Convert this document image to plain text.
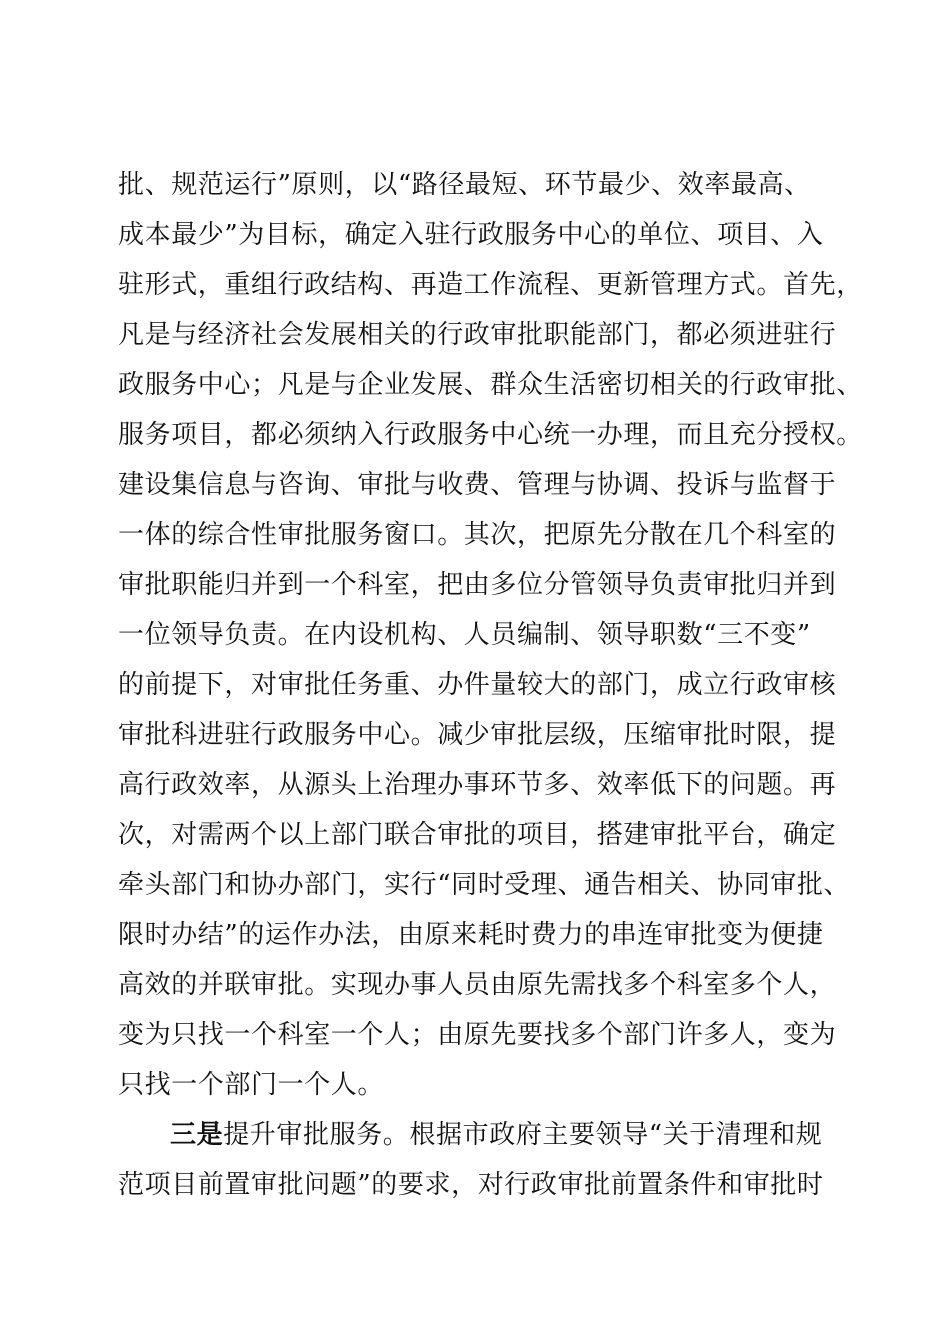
批、规范运行”原则，以“路径最短、环节最少、效率最高、
成本最少”为目标，确定入驻行政服务中心的单位、项目、入
驻形式，重组行政结构、再造工作流程、更新管理方式。首先，
凡是与经济社会发展相关的行政审批职能部门，都必须进驻行
政服务中心；凡是与企业发展、群众生活密切相关的行政审批、
服务项目，都必须纳入行政服务中心统一办理，而且充分授权。
建设集信息与咨询、审批与收费、管理与协调、投诉与监督于
一体的综合性审批服务窗口。其次，把原先分散在几个科室的
审批职能归并到一个科室，把由多位分管领导负责审批归并到
一位领导负责。在内设机构、人员编制、领导职数“三不变”
的前提下，对审批任务重、办件量较大的部门，成立行政审核
审批科进驻行政服务中心。减少审批层级，压缩审批时限，提
高行政效率，从源头上治理办事环节多、效率低下的问题。再
次，对需两个以上部门联合审批的项目，搭建审批平台，确定
牵头部门和协办部门，实行“同时受理、通告相关、协同审批、
限时办结”的运作办法，由原来耗时费力的串连审批变为便捷
高效的并联审批。实现办事人员由原先需找多个科室多个人，
变为只找一个科室一个人；由原先要找多个部门许多人，变为
只找一个部门一个人。
三是提升审批服务。根据市政府主要领导“关于清理和规
范项目前置审批问题”的要求，对行政审批前置条件和审批时
